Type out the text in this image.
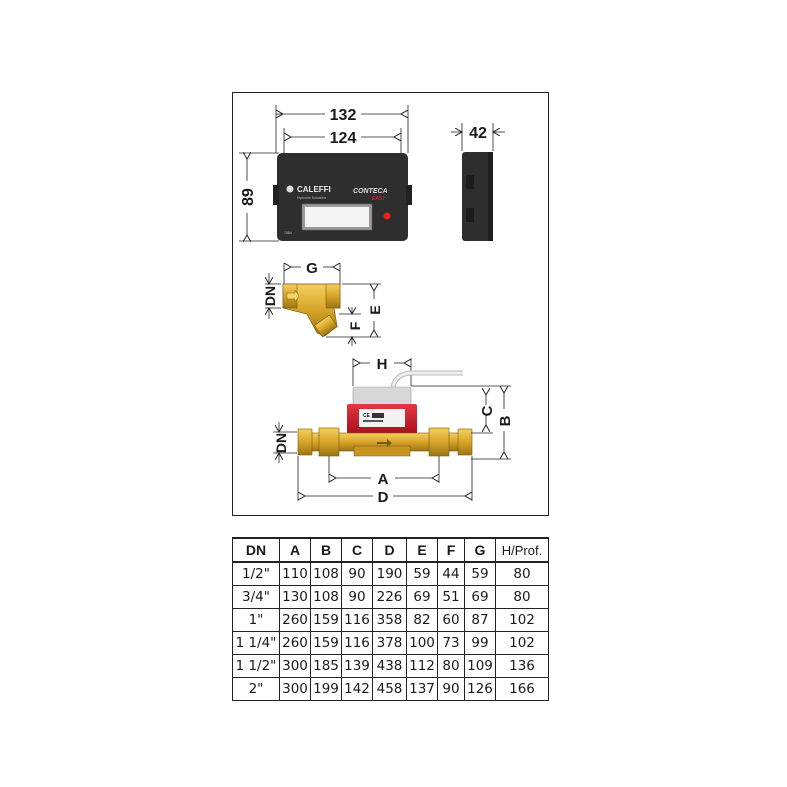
132
124
89	CALEFFI
Hydronic Solutions
CONTECA
EASY
7554
42
G
DN
F
E
H
CE	C
B
DN
A
D
DN	A	B	C	D	E	F	G	H/Prof.
1/2"	110	108	90	190	59	44	59	80
3/4"	130	108	90	226	69	51	69	80
1"	260	159	116	358	82	60	87	102
1 1/4"	260	159	116	378	100	73	99	102
1 1/2"	300	185	139	438	112	80	109	136
2"	300	199	142	458	137	90	126	166
